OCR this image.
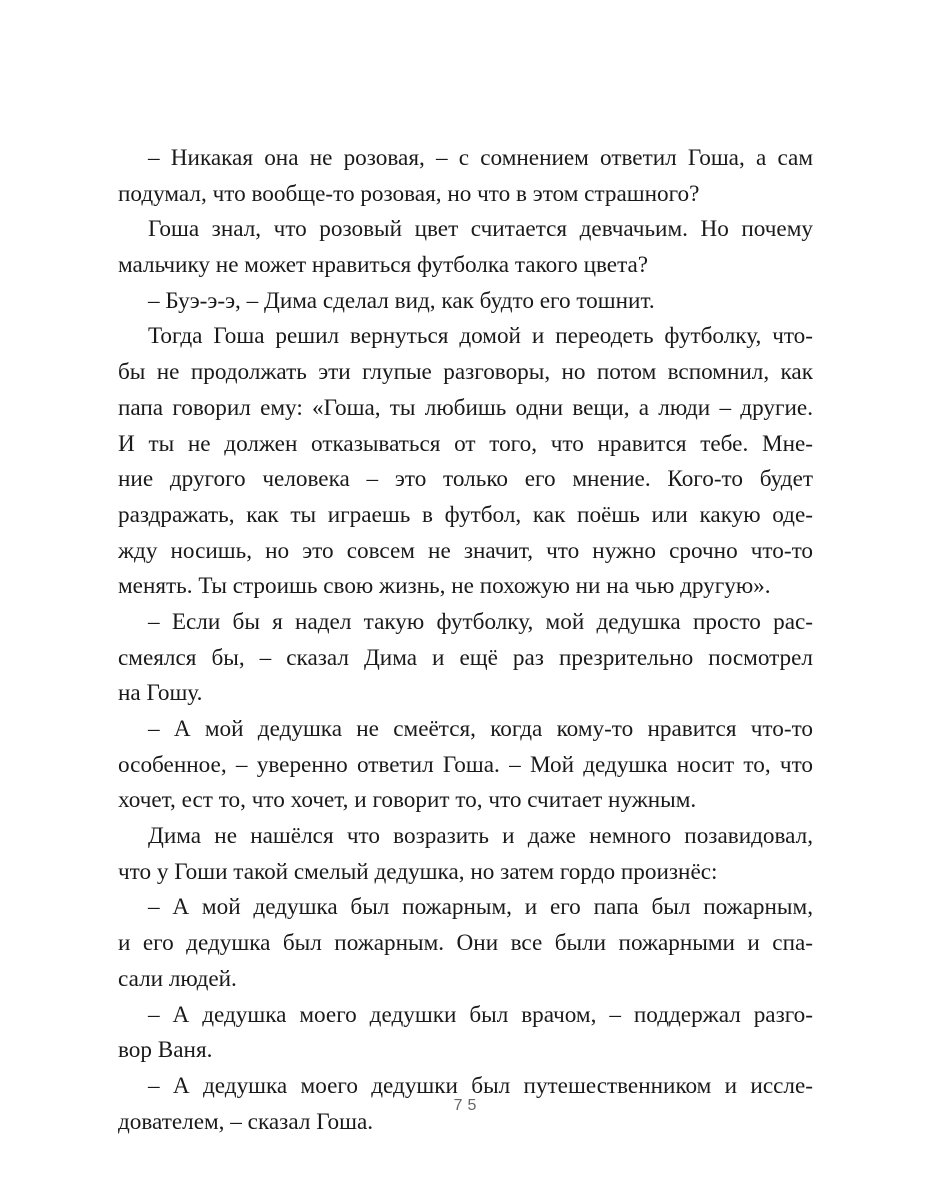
– Никакая она не розовая, – с сомнением ответил Гоша, а сам
подумал, что вообще-то розовая, но что в этом страшного?
Гоша знал, что розовый цвет считается девчачьим. Но почему
мальчику не может нравиться футболка такого цвета?
– Буэ-э-э, – Дима сделал вид, как будто его тошнит.
Тогда Гоша решил вернуться домой и переодеть футболку, что-
бы не продолжать эти глупые разговоры, но потом вспомнил, как
папа говорил ему: «Гоша, ты любишь одни вещи, а люди – другие.
И ты не должен отказываться от того, что нравится тебе. Мне-
ние другого человека – это только его мнение. Кого-то будет
раздражать, как ты играешь в футбол, как поёшь или какую оде-
жду носишь, но это совсем не значит, что нужно срочно что-то
менять. Ты строишь свою жизнь, не похожую ни на чью другую».
– Если бы я надел такую футболку, мой дедушка просто рас-
смеялся бы, – сказал Дима и ещё раз презрительно посмотрел
на Гошу.
– А мой дедушка не смеётся, когда кому-то нравится что-то
особенное, – уверенно ответил Гоша. – Мой дедушка носит то, что
хочет, ест то, что хочет, и говорит то, что считает нужным.
Дима не нашёлся что возразить и даже немного позавидовал,
что у Гоши такой смелый дедушка, но затем гордо произнёс:
– А мой дедушка был пожарным, и его папа был пожарным,
и его дедушка был пожарным. Они все были пожарными и спа-
сали людей.
– А дедушка моего дедушки был врачом, – поддержал разго-
вор Ваня.
– А дедушка моего дедушки был путешественником и иссле-
дователем, – сказал Гоша.
75
